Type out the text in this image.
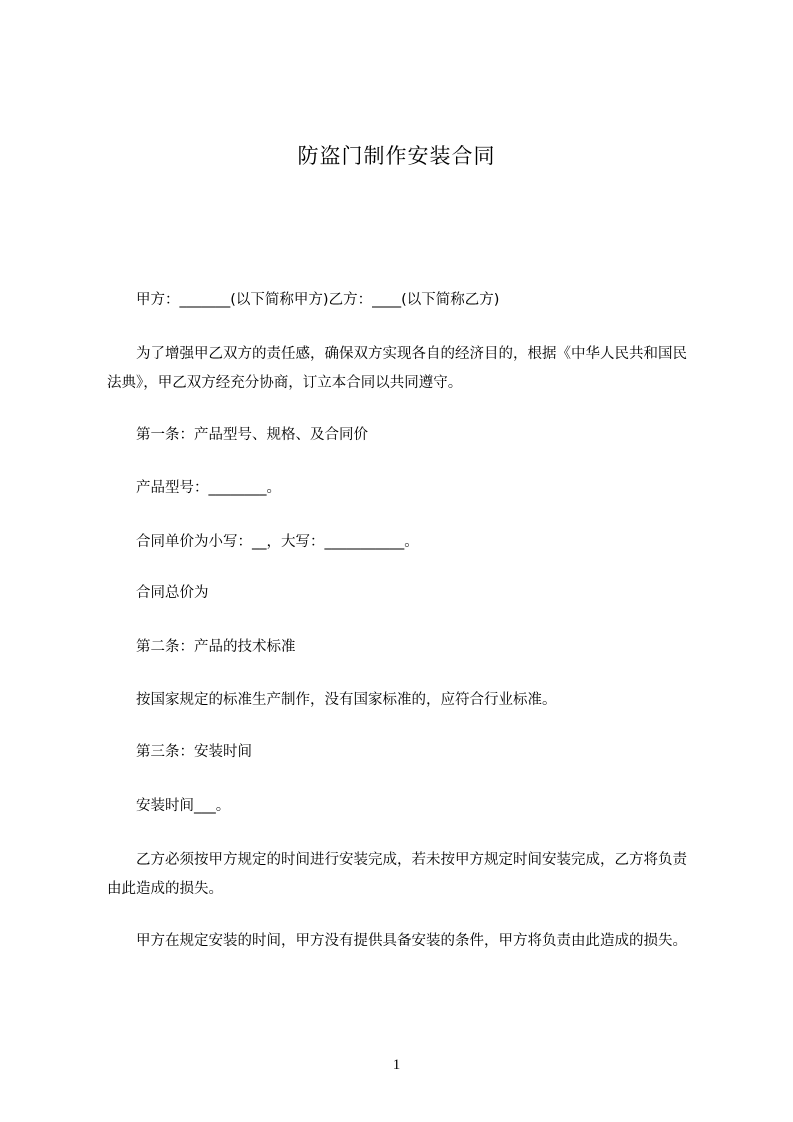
防盗门制作安装合同
甲方：_______(以下简称甲方)乙方：____(以下简称乙方)
为了增强甲乙双方的责任感，确保双方实现各自的经济目的，根据《中华人民共和国民法典》，甲乙双方经充分协商，订立本合同以共同遵守。
第一条：产品型号、规格、及合同价
产品型号：________。
合同单价为小写：__，大写：___________。
合同总价为
第二条：产品的技术标准
按国家规定的标准生产制作，没有国家标准的，应符合行业标准。
第三条：安装时间
安装时间___。
乙方必须按甲方规定的时间进行安装完成，若未按甲方规定时间安装完成，乙方将负责由此造成的损失。
甲方在规定安装的时间，甲方没有提供具备安装的条件，甲方将负责由此造成的损失。
1
